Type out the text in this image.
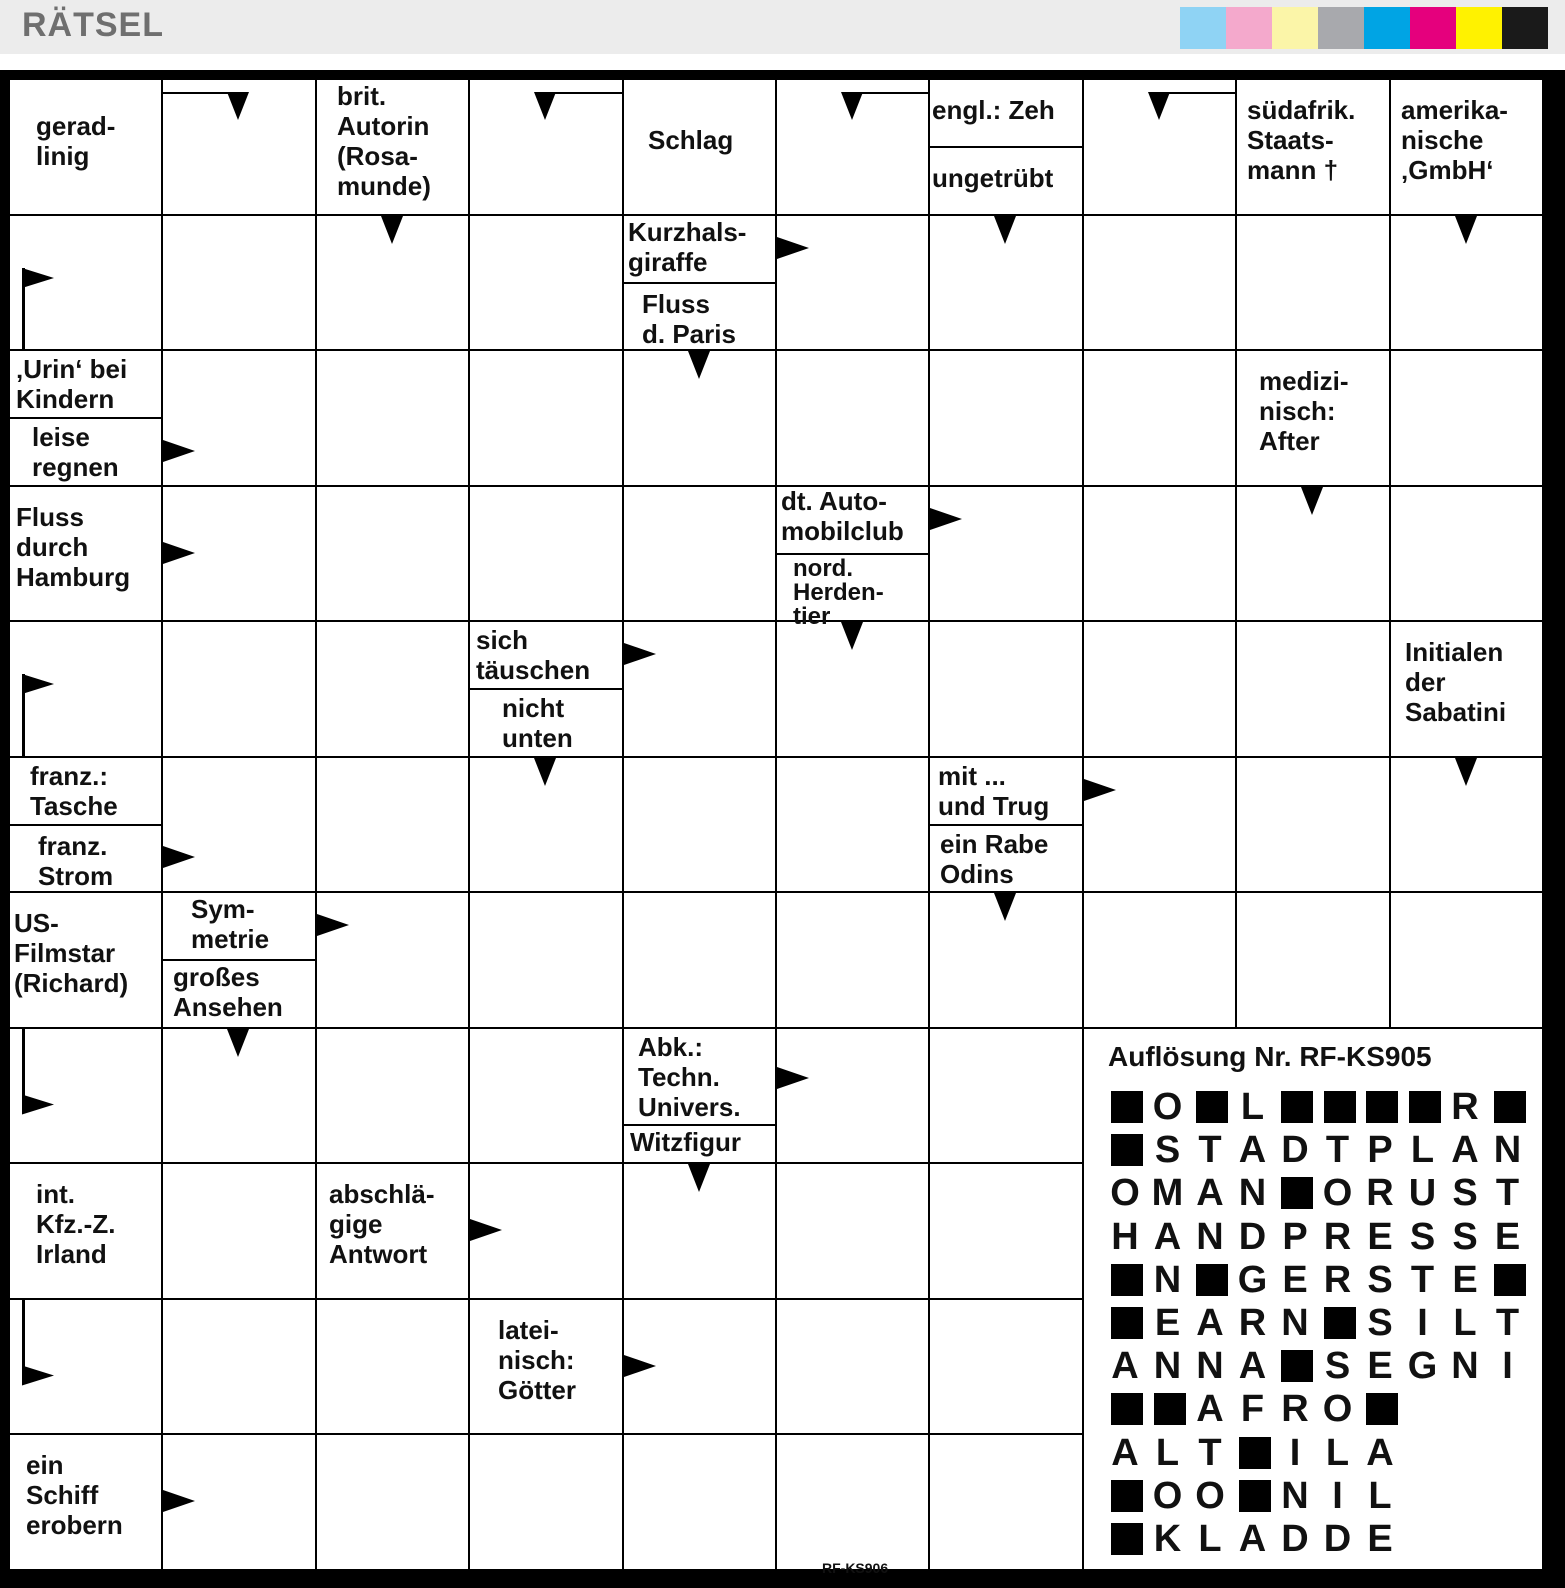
RÄTSEL
gerad-
linig
brit.
Autorin
(Rosa-
munde)
Schlag
engl.: Zeh
ungetrübt
südafrik.
Staats-
mann †
amerika-
nische
‚GmbH‘
Kurzhals-
giraffe
Fluss
d. Paris
‚Urin‘ bei
Kindern
leise
regnen
medizi-
nisch:
After
Fluss
durch
Hamburg
dt. Auto-
mobilclub
nord.
Herden-
tier
sich
täuschen
nicht
unten
Initialen
der
Sabatini
franz.:
Tasche
franz.
Strom
mit ...
und Trug
ein Rabe
Odins
US-
Filmstar
(Richard)
Sym-
metrie
großes
Ansehen
Abk.:
Techn.
Univers.
Witzfigur
int.
Kfz.-Z.
Irland
abschlä-
gige
Antwort
latei-
nisch:
Götter
ein
Schiff
erobern
Auflösung Nr. RF-KS905
O L	R
S T A D T P L A N
O M A N O R U S T
H A N D P R E S S E
N G E R S T E
E A R N S I L T
A N N A S E G N I
A F R O
A L T	I L A
O O N I L
K L A D D E
RF-KS906
